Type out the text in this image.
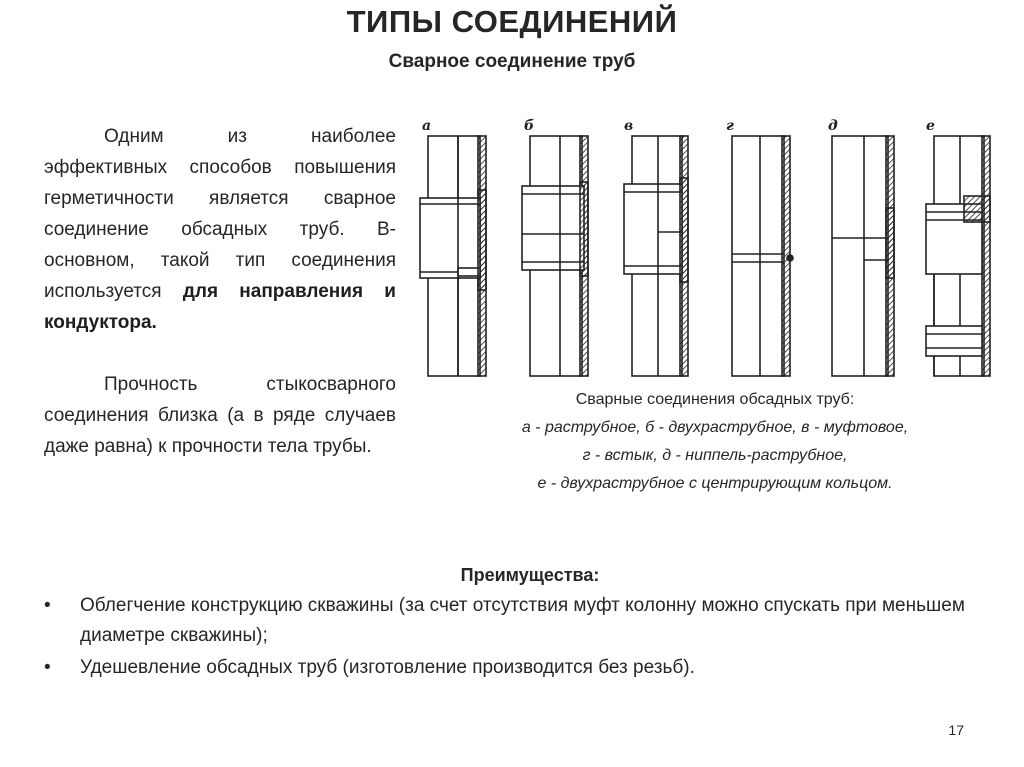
ТИПЫ СОЕДИНЕНИЙ
Сварное соединение труб

Одним из наиболее эффективных способов повышения герметичности является сварное соединение обсадных труб. В-основном, такой тип соединения используется для направления и кондуктора.

Прочность стыкосварного соединения близка (а в ряде случаев даже равна) к прочности тела трубы.

а	б	в	г	д	е
Сварные соединения обсадных труб:
а - раструбное, б - двухраструбное, в - муфтовое,
г - встык, д - ниппель-раструбное,
е - двухраструбное с центрирующим кольцом.
Преимущества:
• Облегчение конструкцию скважины (за счет отсутствия муфт колонну можно спускать при меньшем диаметре скважины);
• Удешевление обсадных труб (изготовление производится без резьб).
17
